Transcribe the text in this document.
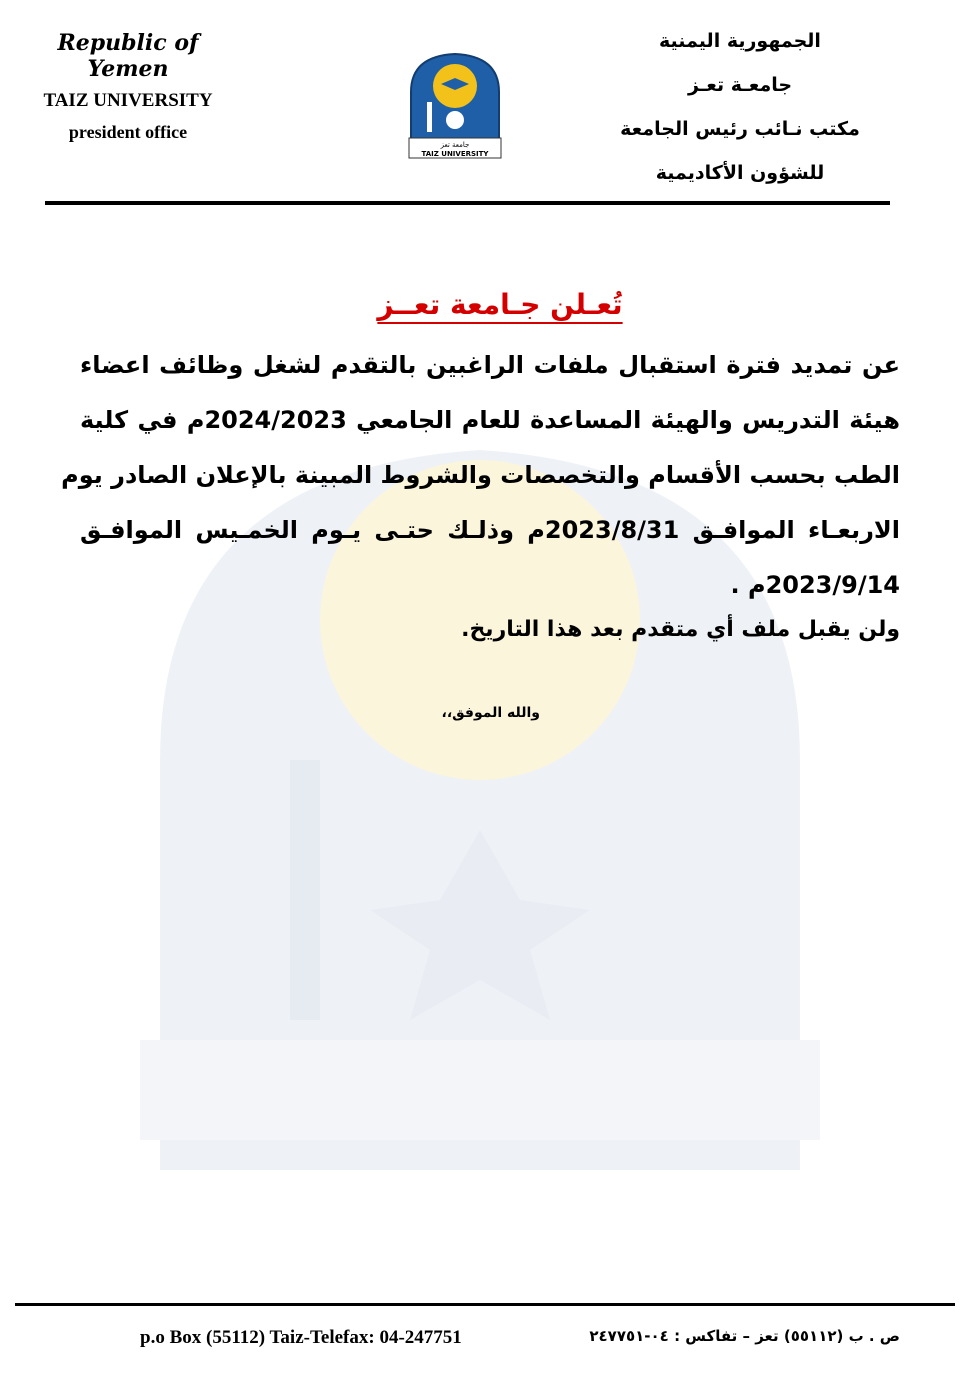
Republic of Yemen
TAIZ UNIVERSITY
president office
جامعة تعز
TAIZ UNIVERSITY
الجمهورية اليمنية
جامعـة تعـز
مكتب نـائب رئيس الجامعة
للشؤون الأكاديمية
تُعـلن جـامعة تعــز
عن تمديد فترة استقبال ملفات الراغبين بالتقدم لشغل وظائف اعضاء
هيئة التدريس والهيئة المساعدة للعام الجامعي 2024/2023م في كلية
الطب بحسب الأقسام والتخصصات والشروط المبينة بالإعلان الصادر يوم
الاربعـاء الموافـق 2023/8/31م وذلـك حتـى يـوم الخمـيس الموافـق
2023/9/14م .
ولن يقبل ملف أي متقدم بعد هذا التاريخ.
والله الموفق،،
p.o Box (55112) Taiz-Telefax: 04-247751	ص . ب (٥٥١١٢) تعز – تفاكس : ٠٤-٢٤٧٧٥١
